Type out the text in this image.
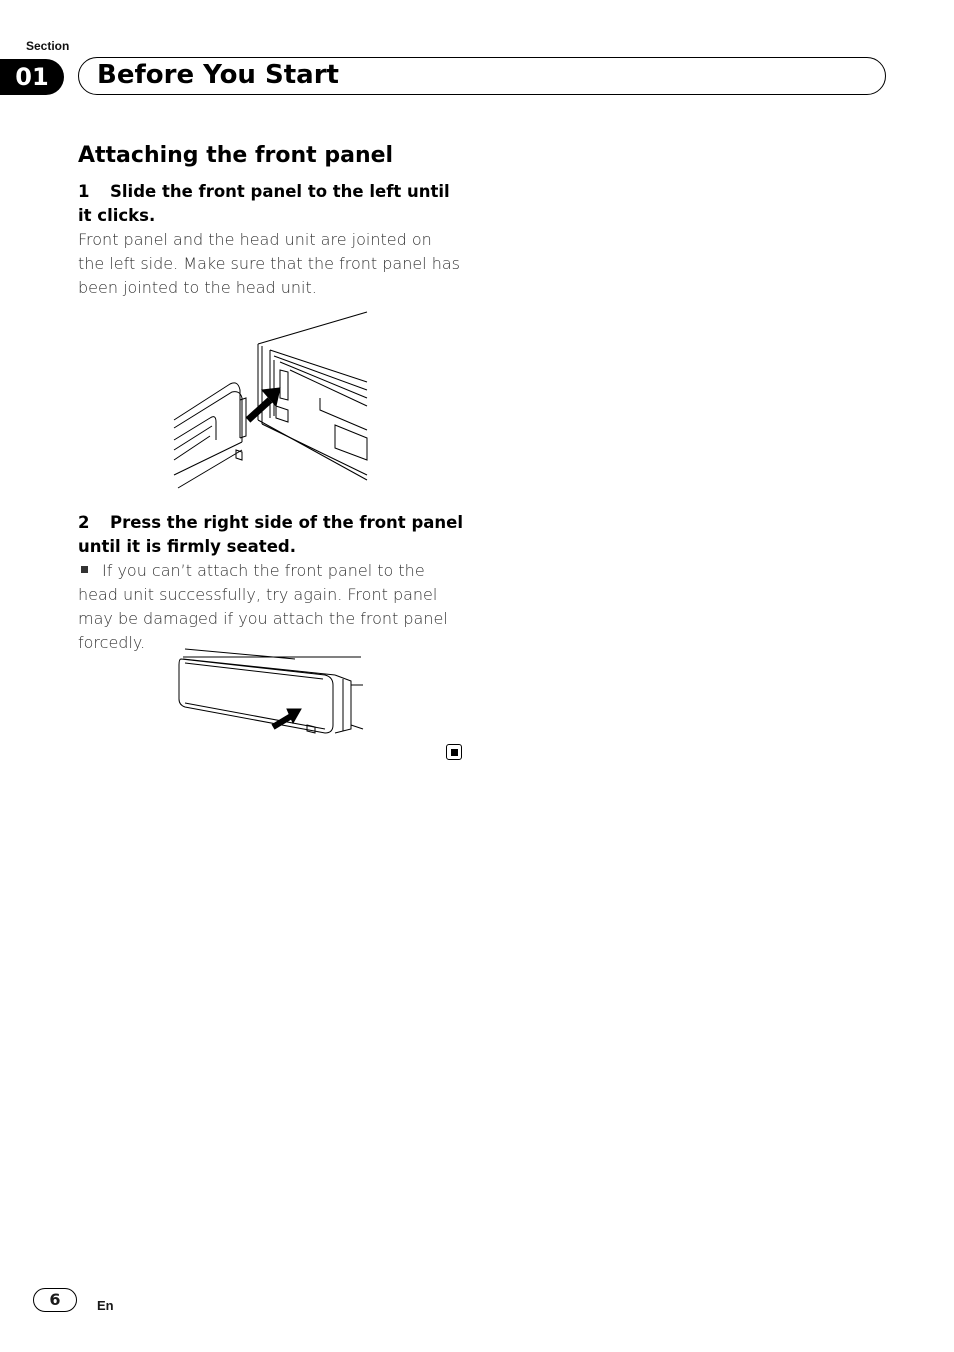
Section
01	Before You Start
Attaching the front panel
1 Slide the front panel to the left until it clicks.
Front panel and the head unit are jointed on the left side. Make sure that the front panel has been jointed to the head unit.
2 Press the right side of the front panel until it is firmly seated.
If you can’t attach the front panel to the head unit successfully, try again. Front panel may be damaged if you attach the front panel forcedly.
6	En
